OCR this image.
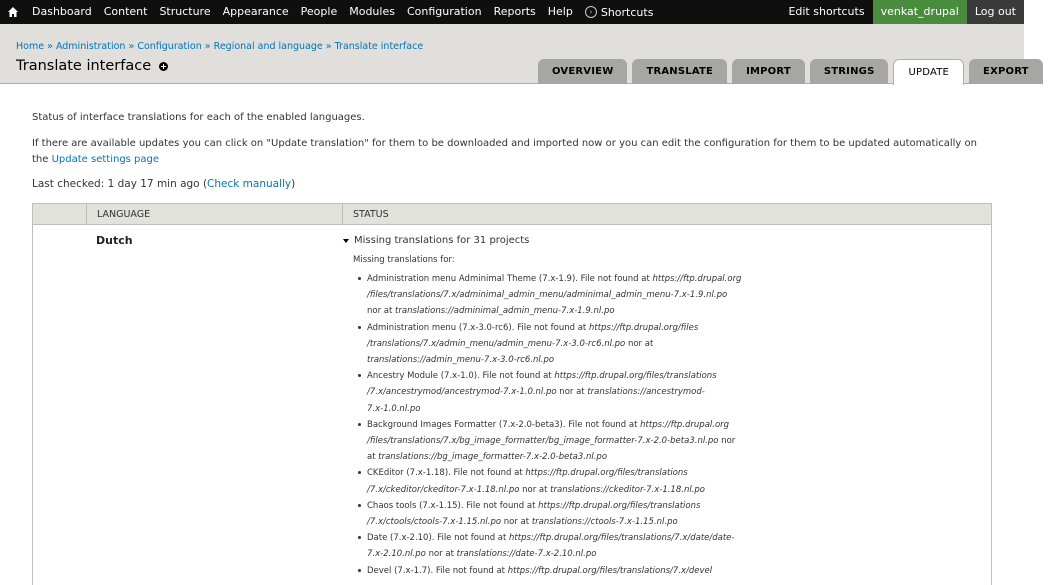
Dashboard	Content	Structure	Appearance	People	Modules	Configuration	Reports	Help	› Shortcuts	Edit shortcuts	venkat_drupal	Log out
Home » Administration » Configuration » Regional and language » Translate interface
Translate interface	OVERVIEW	TRANSLATE	IMPORT	STRINGS	UPDATE	EXPORT

Status of interface translations for each of the enabled languages.

If there are available updates you can click on "Update translation" for them to be downloaded and imported now or you can edit the configuration for them to be updated automatically on the Update settings page

Last checked: 1 day 17 min ago (Check manually)

LANGUAGE	STATUS
Dutch	Missing translations for 31 projects
Missing translations for:
Administration menu Adminimal Theme (7.x-1.9). File not found at https://ftp.drupal.org
/files/translations/7.x/adminimal_admin_menu/adminimal_admin_menu-7.x-1.9.nl.po
nor at translations://adminimal_admin_menu-7.x-1.9.nl.po
Administration menu (7.x-3.0-rc6). File not found at https://ftp.drupal.org/files
/translations/7.x/admin_menu/admin_menu-7.x-3.0-rc6.nl.po nor at
translations://admin_menu-7.x-3.0-rc6.nl.po
Ancestry Module (7.x-1.0). File not found at https://ftp.drupal.org/files/translations
/7.x/ancestrymod/ancestrymod-7.x-1.0.nl.po nor at translations://ancestrymod-
7.x-1.0.nl.po
Background Images Formatter (7.x-2.0-beta3). File not found at https://ftp.drupal.org
/files/translations/7.x/bg_image_formatter/bg_image_formatter-7.x-2.0-beta3.nl.po nor
at translations://bg_image_formatter-7.x-2.0-beta3.nl.po
CKEditor (7.x-1.18). File not found at https://ftp.drupal.org/files/translations
/7.x/ckeditor/ckeditor-7.x-1.18.nl.po nor at translations://ckeditor-7.x-1.18.nl.po
Chaos tools (7.x-1.15). File not found at https://ftp.drupal.org/files/translations
/7.x/ctools/ctools-7.x-1.15.nl.po nor at translations://ctools-7.x-1.15.nl.po
Date (7.x-2.10). File not found at https://ftp.drupal.org/files/translations/7.x/date/date-
7.x-2.10.nl.po nor at translations://date-7.x-2.10.nl.po
Devel (7.x-1.7). File not found at https://ftp.drupal.org/files/translations/7.x/devel
